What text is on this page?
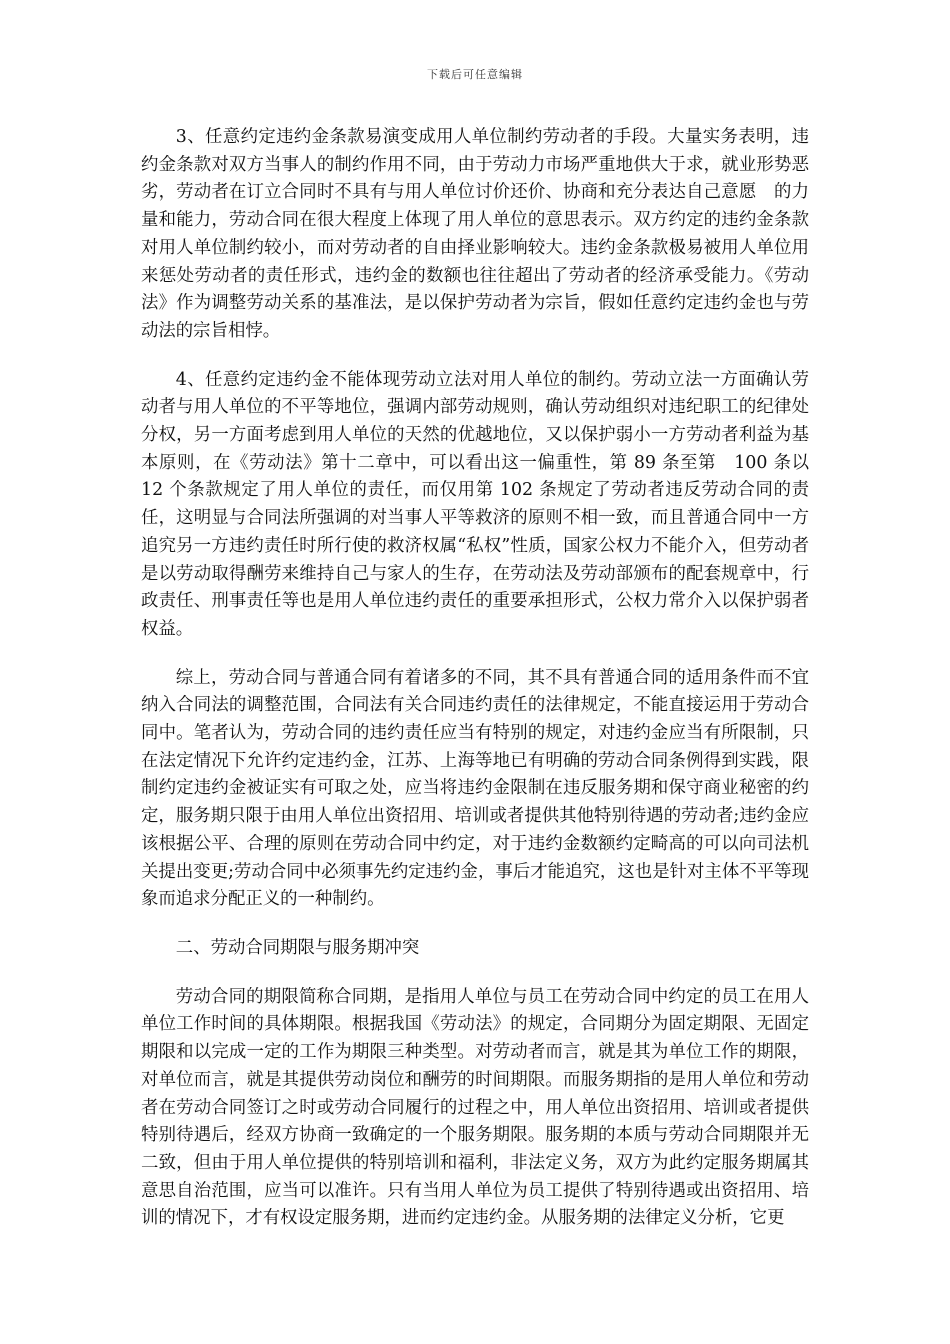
下载后可任意编辑

3、任意约定违约金条款易演变成用人单位制约劳动者的手段。大量实务表明，违约金条款对双方当事人的制约作用不同，由于劳动力市场严重地供大于求，就业形势恶劣，劳动者在订立合同时不具有与用人单位讨价还价、协商和充分表达自己意愿　的力量和能力，劳动合同在很大程度上体现了用人单位的意思表示。双方约定的违约金条款对用人单位制约较小，而对劳动者的自由择业影响较大。违约金条款极易被用人单位用来惩处劳动者的责任形式，违约金的数额也往往超出了劳动者的经济承受能力。《劳动法》作为调整劳动关系的基准法，是以保护劳动者为宗旨，假如任意约定违约金也与劳动法的宗旨相悖。

4、任意约定违约金不能体现劳动立法对用人单位的制约。劳动立法一方面确认劳动者与用人单位的不平等地位，强调内部劳动规则，确认劳动组织对违纪职工的纪律处分权，另一方面考虑到用人单位的天然的优越地位，又以保护弱小一方劳动者利益为基本原则，在《劳动法》第十二章中，可以看出这一偏重性，第 89 条至第　100 条以 12 个条款规定了用人单位的责任，而仅用第 102 条规定了劳动者违反劳动合同的责任，这明显与合同法所强调的对当事人平等救济的原则不相一致，而且普通合同中一方追究另一方违约责任时所行使的救济权属“私权”性质，国家公权力不能介入，但劳动者是以劳动取得酬劳来维持自己与家人的生存，在劳动法及劳动部颁布的配套规章中，行政责任、刑事责任等也是用人单位违约责任的重要承担形式，公权力常介入以保护弱者权益。

综上，劳动合同与普通合同有着诸多的不同，其不具有普通合同的适用条件而不宜纳入合同法的调整范围，合同法有关合同违约责任的法律规定，不能直接运用于劳动合同中。笔者认为，劳动合同的违约责任应当有特别的规定，对违约金应当有所限制，只在法定情况下允许约定违约金，江苏、上海等地已有明确的劳动合同条例得到实践，限制约定违约金被证实有可取之处，应当将违约金限制在违反服务期和保守商业秘密的约定，服务期只限于由用人单位出资招用、培训或者提供其他特别待遇的劳动者;违约金应该根据公平、合理的原则在劳动合同中约定，对于违约金数额约定畸高的可以向司法机关提出变更;劳动合同中必须事先约定违约金，事后才能追究，这也是针对主体不平等现象而追求分配正义的一种制约。

二、劳动合同期限与服务期冲突

劳动合同的期限简称合同期，是指用人单位与员工在劳动合同中约定的员工在用人单位工作时间的具体期限。根据我国《劳动法》的规定，合同期分为固定期限、无固定期限和以完成一定的工作为期限三种类型。对劳动者而言，就是其为单位工作的期限，对单位而言，就是其提供劳动岗位和酬劳的时间期限。而服务期指的是用人单位和劳动者在劳动合同签订之时或劳动合同履行的过程之中，用人单位出资招用、培训或者提供特别待遇后，经双方协商一致确定的一个服务期限。服务期的本质与劳动合同期限并无二致，但由于用人单位提供的特别培训和福利，非法定义务，双方为此约定服务期属其意思自治范围，应当可以准许。只有当用人单位为员工提供了特别待遇或出资招用、培训的情况下，才有权设定服务期，进而约定违约金。从服务期的法律定义分析，它更
